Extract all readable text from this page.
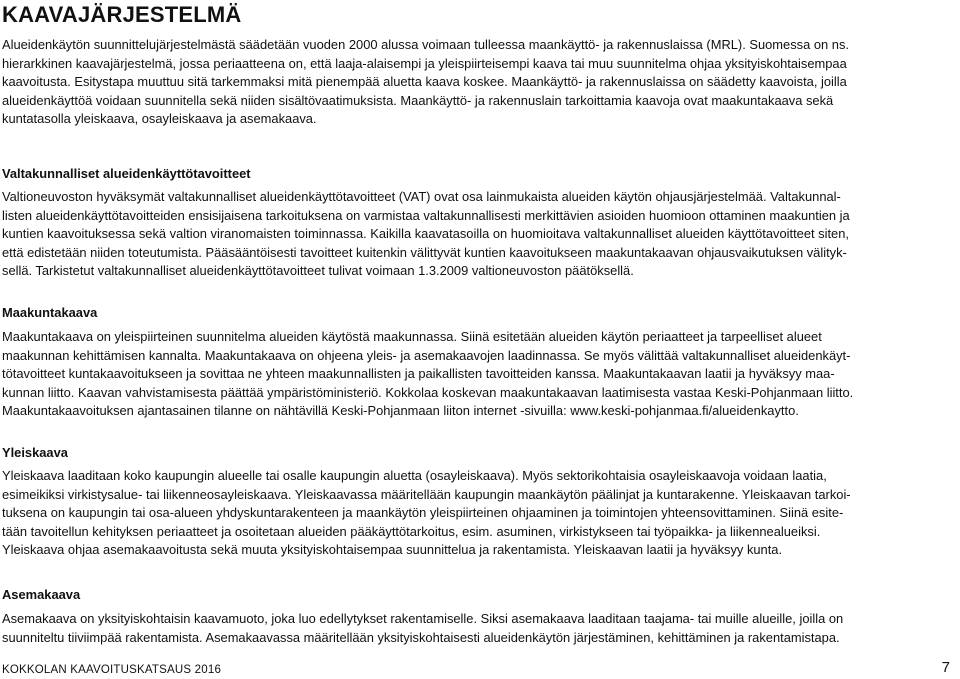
KAAVAJÄRJESTELMÄ

Alueidenkäytön suunnittelujärjestelmästä säädetään vuoden 2000 alussa voimaan tulleessa maankäyttö- ja rakennuslaissa (MRL). Suomessa on ns.
hierarkkinen kaavajärjestelmä, jossa periaatteena on, että laaja-alaisempi ja yleispiirteisempi kaava tai muu suunnitelma ohjaa yksityiskohtaisempaa
kaavoitusta. Esitystapa muuttuu sitä tarkemmaksi mitä pienempää aluetta kaava koskee. Maankäyttö- ja rakennuslaissa on säädetty kaavoista, joilla
alueidenkäyttöä voidaan suunnitella sekä niiden sisältövaatimuksista. Maankäyttö- ja rakennuslain tarkoittamia kaavoja ovat maakuntakaava sekä
kuntatasolla yleiskaava, osayleiskaava ja asemakaava.

Valtakunnalliset alueidenkäyttötavoitteet

Valtioneuvoston hyväksymät valtakunnalliset alueidenkäyttötavoitteet (VAT) ovat osa lainmukaista alueiden käytön ohjausjärjestelmää. Valtakunnal-
listen alueidenkäyttötavoitteiden ensisijaisena tarkoituksena on varmistaa valtakunnallisesti merkittävien asioiden huomioon ottaminen maakuntien ja
kuntien kaavoituksessa sekä valtion viranomaisten toiminnassa. Kaikilla kaavatasoilla on huomioitava valtakunnalliset alueiden käyttötavoitteet siten,
että edistetään niiden toteutumista. Pääsääntöisesti tavoitteet kuitenkin välittyvät kuntien kaavoitukseen maakuntakaavan ohjausvaikutuksen välityk-
sellä. Tarkistetut valtakunnalliset alueidenkäyttötavoitteet tulivat voimaan 1.3.2009 valtioneuvoston päätöksellä.

Maakuntakaava

Maakuntakaava on yleispiirteinen suunnitelma alueiden käytöstä maakunnassa. Siinä esitetään alueiden käytön periaatteet ja tarpeelliset alueet
maakunnan kehittämisen kannalta. Maakuntakaava on ohjeena yleis- ja asemakaavojen laadinnassa. Se myös välittää valtakunnalliset alueidenkäyt-
tötavoitteet kuntakaavoitukseen ja sovittaa ne yhteen maakunnallisten ja paikallisten tavoitteiden kanssa. Maakuntakaavan laatii ja hyväksyy maa-
kunnan liitto. Kaavan vahvistamisesta päättää ympäristöministeriö. Kokkolaa koskevan maakuntakaavan laatimisesta vastaa Keski-Pohjanmaan liitto.
Maakuntakaavoituksen ajantasainen tilanne on nähtävillä Keski-Pohjanmaan liiton internet -sivuilla: www.keski-pohjanmaa.fi/alueidenkaytto.

Yleiskaava

Yleiskaava laaditaan koko kaupungin alueelle tai osalle kaupungin aluetta (osayleiskaava). Myös sektorikohtaisia osayleiskaavoja voidaan laatia,
esimeikiksi virkistysalue- tai liikenneosayleiskaava. Yleiskaavassa määritellään kaupungin maankäytön päälinjat ja kuntarakenne. Yleiskaavan tarkoi-
tuksena on kaupungin tai osa-alueen yhdyskuntarakenteen ja maankäytön yleispiirteinen ohjaaminen ja toimintojen yhteensovittaminen. Siinä esite-
tään tavoitellun kehityksen periaatteet ja osoitetaan alueiden pääkäyttötarkoitus, esim. asuminen, virkistykseen tai työpaikka- ja liikennealueiksi.
Yleiskaava ohjaa asemakaavoitusta sekä muuta yksityiskohtaisempaa suunnittelua ja rakentamista. Yleiskaavan laatii ja hyväksyy kunta.

Asemakaava

Asemakaava on yksityiskohtaisin kaavamuoto, joka luo edellytykset rakentamiselle. Siksi asemakaava laaditaan taajama- tai muille alueille, joilla on
suunniteltu tiiviimpää rakentamista. Asemakaavassa määritellään yksityiskohtaisesti alueidenkäytön järjestäminen, kehittäminen ja rakentamistapa.

KOKKOLAN KAAVOITUSKATSAUS 2016	7
